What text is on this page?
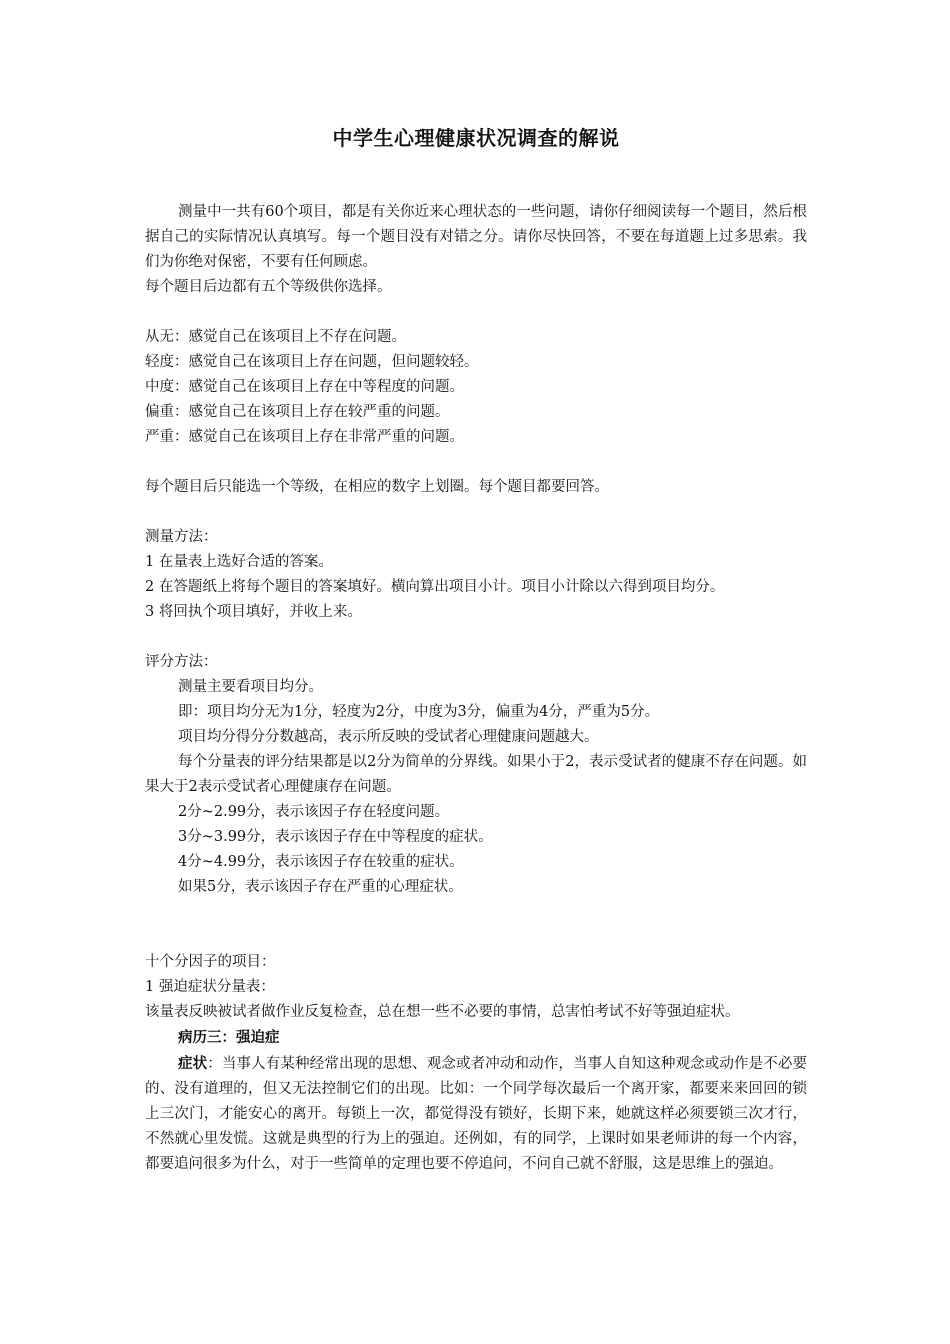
中学生心理健康状况调查的解说

测量中一共有60个项目，都是有关你近来心理状态的一些问题，请你仔细阅读每一个题目，然后根据自己的实际情况认真填写。每一个题目没有对错之分。请你尽快回答，不要在每道题上过多思索。我们为你绝对保密，不要有任何顾虑。

每个题目后边都有五个等级供你选择。

从无：感觉自己在该项目上不存在问题。

轻度：感觉自己在该项目上存在问题，但问题较轻。

中度：感觉自己在该项目上存在中等程度的问题。

偏重：感觉自己在该项目上存在较严重的问题。

严重：感觉自己在该项目上存在非常严重的问题。

每个题目后只能选一个等级，在相应的数字上划圈。每个题目都要回答。

测量方法：

1 在量表上选好合适的答案。

2 在答题纸上将每个题目的答案填好。横向算出项目小计。项目小计除以六得到项目均分。

3 将回执个项目填好，并收上来。

评分方法：

测量主要看项目均分。

即：项目均分无为1分，轻度为2分，中度为3分，偏重为4分，严重为5分。

项目均分得分分数越高，表示所反映的受试者心理健康问题越大。

每个分量表的评分结果都是以2分为简单的分界线。如果小于2，表示受试者的健康不存在问题。如果大于2表示受试者心理健康存在问题。

2分~2.99分，表示该因子存在轻度问题。

3分~3.99分，表示该因子存在中等程度的症状。

4分~4.99分，表示该因子存在较重的症状。

如果5分，表示该因子存在严重的心理症状。

十个分因子的项目：

1 强迫症状分量表：

该量表反映被试者做作业反复检查，总在想一些不必要的事情，总害怕考试不好等强迫症状。

病历三：强迫症

症状：当事人有某种经常出现的思想、观念或者冲动和动作，当事人自知这种观念或动作是不必要的、没有道理的，但又无法控制它们的出现。比如：一个同学每次最后一个离开家，都要来来回回的锁上三次门，才能安心的离开。每锁上一次，都觉得没有锁好，长期下来，她就这样必须要锁三次才行，不然就心里发慌。这就是典型的行为上的强迫。还例如，有的同学，上课时如果老师讲的每一个内容，都要追问很多为什么，对于一些简单的定理也要不停追问，不问自己就不舒服，这是思维上的强迫。
